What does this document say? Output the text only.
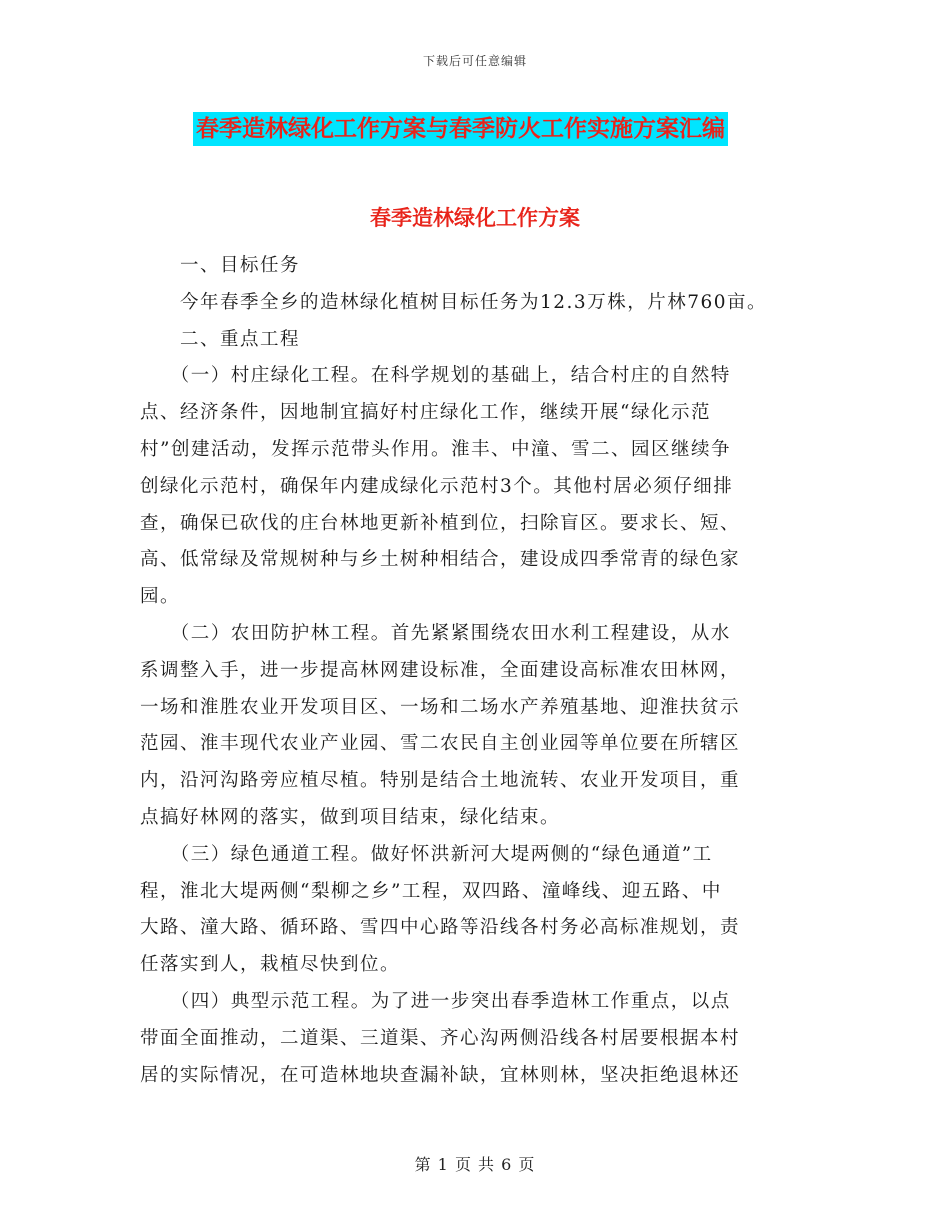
下载后可任意编辑
春季造林绿化工作方案与春季防火工作实施方案汇编
春季造林绿化工作方案

　　一、目标任务

　　今年春季全乡的造林绿化植树目标任务为12.3万株，片林760亩。

　　二、重点工程

　　（一）村庄绿化工程。在科学规划的基础上，结合村庄的自然特
点、经济条件，因地制宜搞好村庄绿化工作，继续开展“绿化示范
村”创建活动，发挥示范带头作用。淮丰、中潼、雪二、园区继续争
创绿化示范村，确保年内建成绿化示范村3个。其他村居必须仔细排
查，确保已砍伐的庄台林地更新补植到位，扫除盲区。要求长、短、
高、低常绿及常规树种与乡土树种相结合，建设成四季常青的绿色家
园。

　　（二）农田防护林工程。首先紧紧围绕农田水利工程建设，从水
系调整入手，进一步提高林网建设标准，全面建设高标准农田林网，
一场和淮胜农业开发项目区、一场和二场水产养殖基地、迎淮扶贫示
范园、淮丰现代农业产业园、雪二农民自主创业园等单位要在所辖区
内，沿河沟路旁应植尽植。特别是结合土地流转、农业开发项目，重
点搞好林网的落实，做到项目结束，绿化结束。

　　（三）绿色通道工程。做好怀洪新河大堤两侧的“绿色通道”工
程，淮北大堤两侧“梨柳之乡”工程，双四路、潼峰线、迎五路、中
大路、潼大路、循环路、雪四中心路等沿线各村务必高标准规划，责
任落实到人，栽植尽快到位。

　　（四）典型示范工程。为了进一步突出春季造林工作重点，以点
带面全面推动，二道渠、三道渠、齐心沟两侧沿线各村居要根据本村
居的实际情况，在可造林地块查漏补缺，宜林则林，坚决拒绝退林还

第 1 页 共 6 页
